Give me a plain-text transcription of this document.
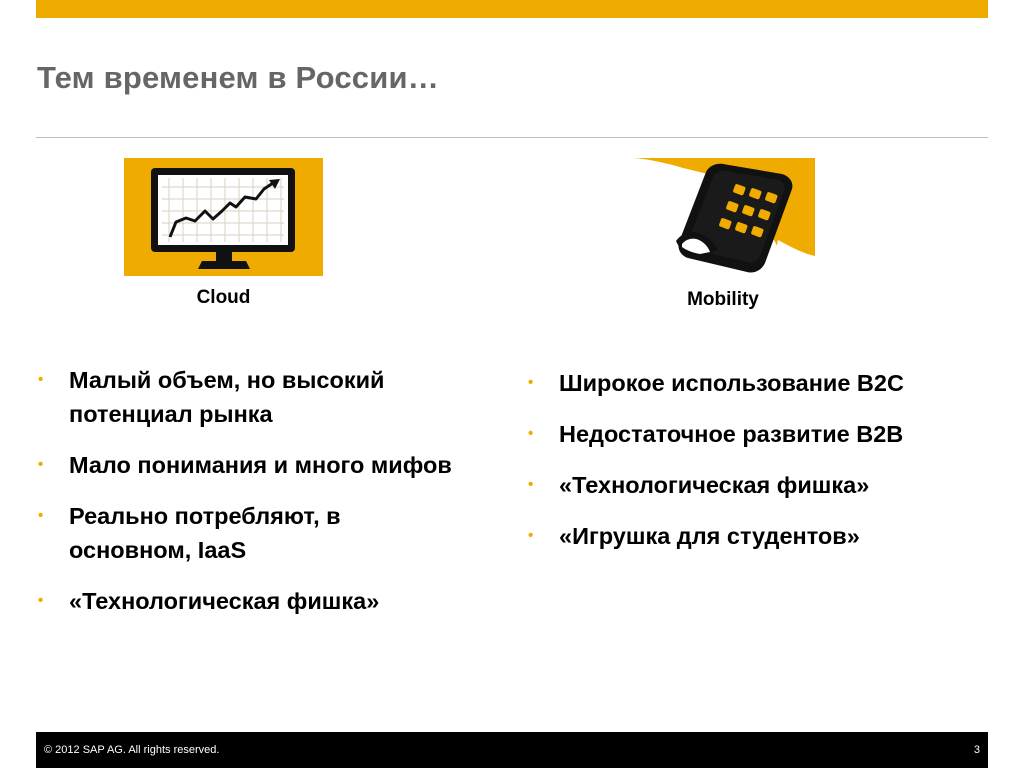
Тем временем в России…
Cloud	Mobility
• Малый объем, но высокий потенциал рынка
• Мало понимания и много мифов
• Реально потребляют, в основном, IaaS
• «Технологическая фишка»
• Широкое использование B2C
• Недостаточное развитие B2B
• «Технологическая фишка»
• «Игрушка для студентов»
© 2012 SAP AG. All rights reserved.	3
